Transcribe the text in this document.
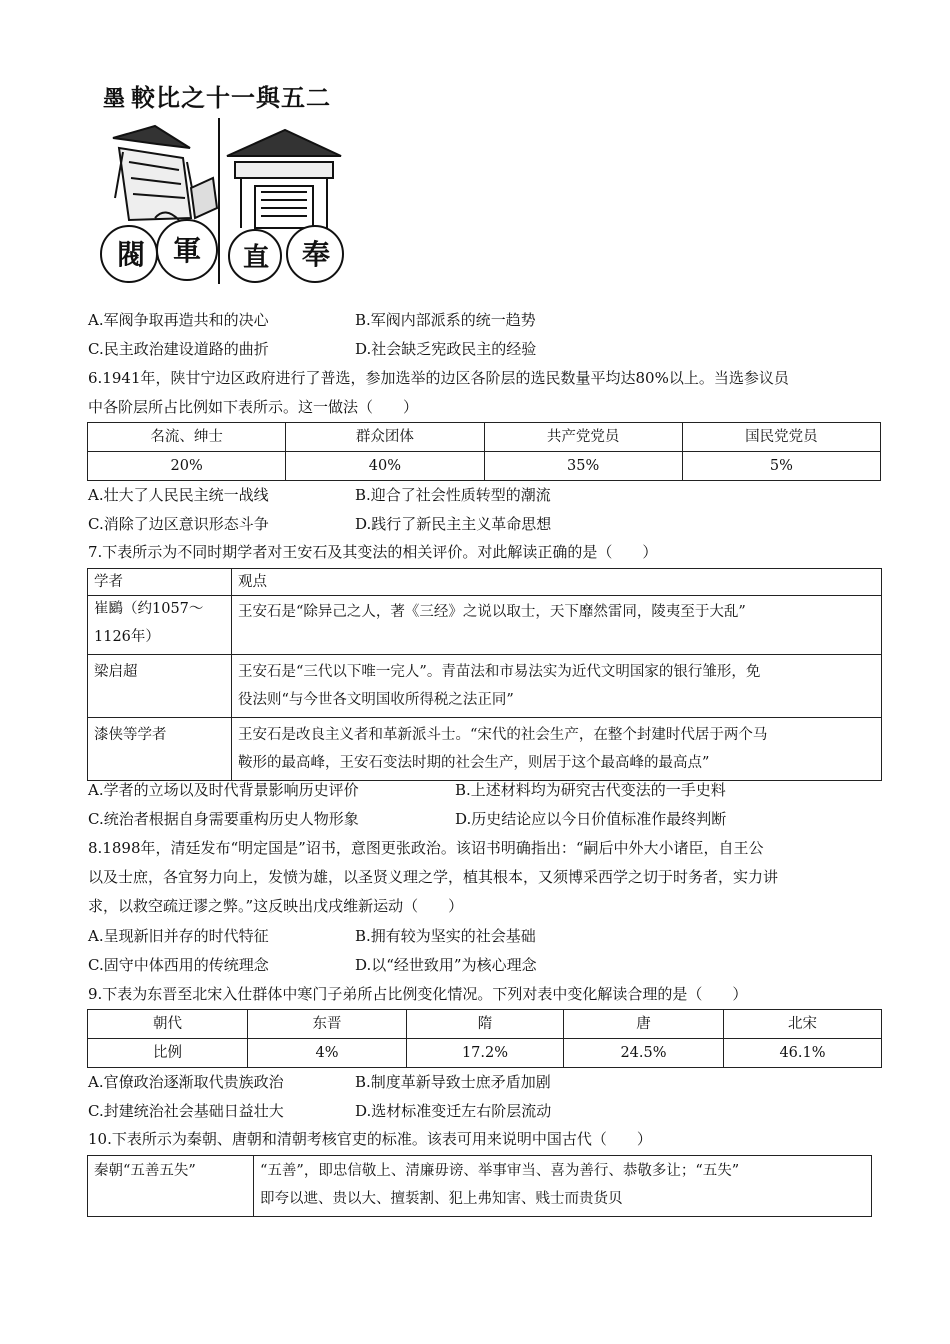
墨 較比之十一與五二
閥 軍 直 奉
A.军阀争取再造共和的决心	B.军阀内部派系的统一趋势
C.民主政治建设道路的曲折	D.社会缺乏宪政民主的经验
6.1941年，陕甘宁边区政府进行了普选，参加选举的边区各阶层的选民数量平均达80%以上。当选参议员
中各阶层所占比例如下表所示。这一做法（　　）
名流、绅士	群众团体	共产党党员	国民党党员
20%	40%	35%	5%
A.壮大了人民民主统一战线	B.迎合了社会性质转型的潮流
C.消除了边区意识形态斗争	D.践行了新民主主义革命思想
7.下表所示为不同时期学者对王安石及其变法的相关评价。对此解读正确的是（　　）
学者	观点

崔鶠（约1057～
1126年）	王安石是“除异己之人，著《三经》之说以取士，天下靡然雷同，陵夷至于大乱”

梁启超	王安石是“三代以下唯一完人”。青苗法和市易法实为近代文明国家的银行雏形，免
役法则“与今世各文明国收所得税之法正同”

漆侠等学者	王安石是改良主义者和革新派斗士。“宋代的社会生产，在整个封建时代居于两个马
鞍形的最高峰，王安石变法时期的社会生产，则居于这个最高峰的最高点”
A.学者的立场以及时代背景影响历史评价	B.上述材料均为研究古代变法的一手史料
C.统治者根据自身需要重构历史人物形象	D.历史结论应以今日价值标准作最终判断
8.1898年，清廷发布“明定国是”诏书，意图更张政治。该诏书明确指出：“嗣后中外大小诸臣，自王公
以及士庶，各宜努力向上，发愤为雄，以圣贤义理之学，植其根本，又须博采西学之切于时务者，实力讲
求，以救空疏迂谬之弊。”这反映出戊戌维新运动（　　）
A.呈现新旧并存的时代特征	B.拥有较为坚实的社会基础
C.固守中体西用的传统理念	D.以“经世致用”为核心理念
9.下表为东晋至北宋入仕群体中寒门子弟所占比例变化情况。下列对表中变化解读合理的是（　　）
朝代	东晋	隋	唐	北宋
比例	4%	17.2%	24.5%	46.1%
A.官僚政治逐渐取代贵族政治	B.制度革新导致士庶矛盾加剧
C.封建统治社会基础日益壮大	D.选材标准变迁左右阶层流动
10.下表所示为秦朝、唐朝和清朝考核官吏的标准。该表可用来说明中国古代（　　）
秦朝“五善五失”	“五善”，即忠信敬上、清廉毋谤、举事审当、喜为善行、恭敬多让；“五失”
即夸以迣、贵以大、擅裚割、犯上弗知害、贱士而贵货贝
